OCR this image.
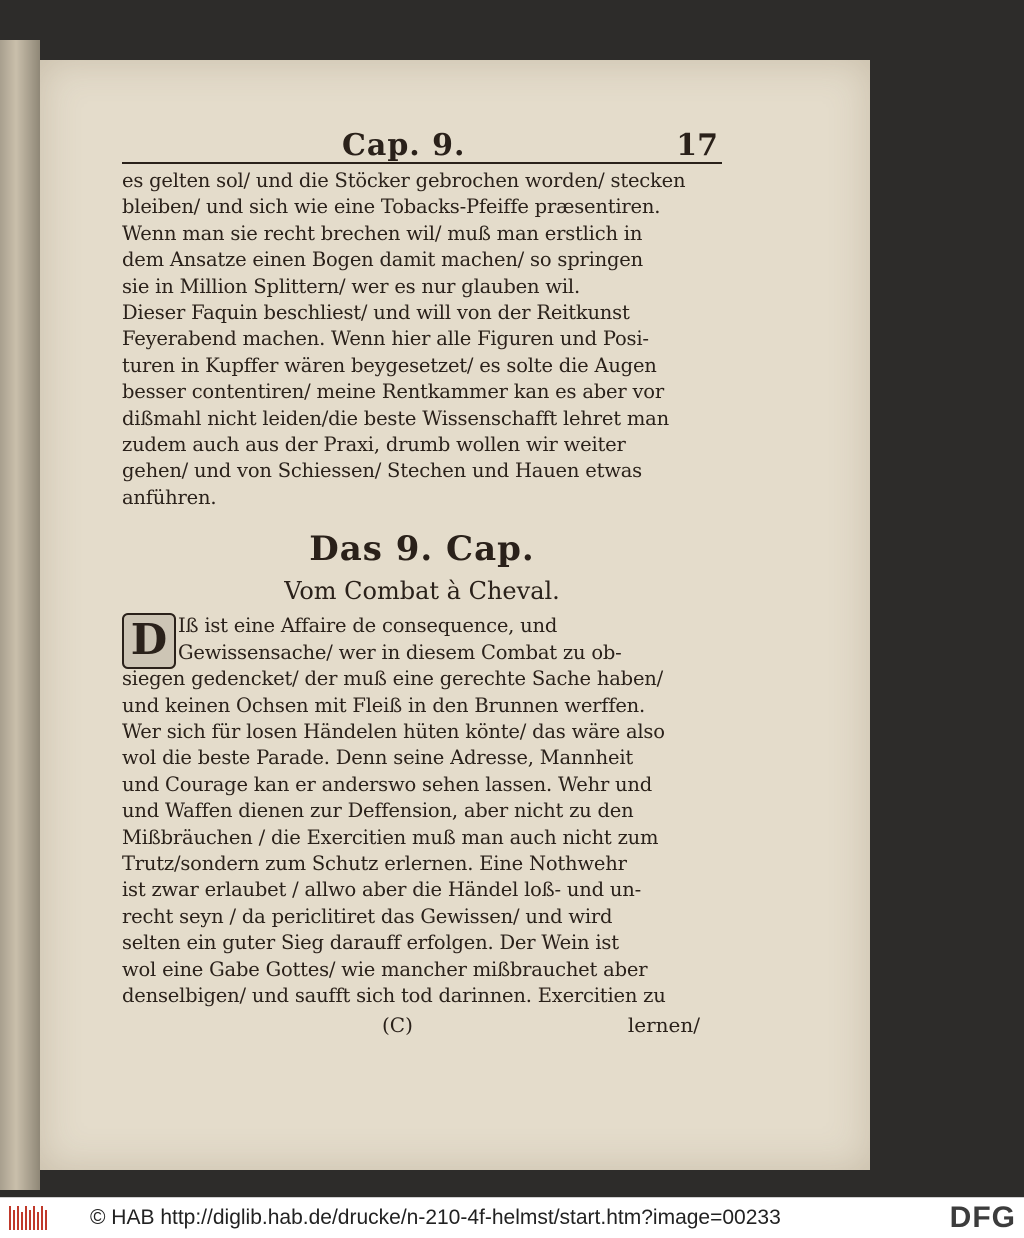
Cap. 9.	17
es gelten sol/ und die Stöcker gebrochen worden/ stecken
bleiben/ und sich wie eine Tobacks-Pfeiffe præsentiren.
Wenn man sie recht brechen wil/ muß man erstlich in
dem Ansatze einen Bogen damit machen/ so springen
sie in Million Splittern/ wer es nur glauben wil.
Dieser Faquin beschliest/ und will von der Reitkunst
Feyerabend machen. Wenn hier alle Figuren und Posi-
turen in Kupffer wären beygesetzet/ es solte die Augen
besser contentiren/ meine Rentkammer kan es aber vor
dißmahl nicht leiden/die beste Wissenschafft lehret man
zudem auch aus der Praxi, drumb wollen wir weiter
gehen/ und von Schiessen/ Stechen und Hauen etwas
anführen.
Das 9. Cap.
Vom Combat à Cheval.
D Iß ist eine Affaire de consequence, und
Gewissensache/ wer in diesem Combat zu ob-
siegen gedencket/ der muß eine gerechte Sache haben/
und keinen Ochsen mit Fleiß in den Brunnen werffen.
Wer sich für losen Händelen hüten könte/ das wäre also
wol die beste Parade. Denn seine Adresse, Mannheit
und Courage kan er anderswo sehen lassen. Wehr und
und Waffen dienen zur Deffension, aber nicht zu den
Mißbräuchen / die Exercitien muß man auch nicht zum
Trutz/sondern zum Schutz erlernen. Eine Nothwehr
ist zwar erlaubet / allwo aber die Händel loß- und un-
recht seyn / da periclitiret das Gewissen/ und wird
selten ein guter Sieg darauff erfolgen. Der Wein ist
wol eine Gabe Gottes/ wie mancher mißbrauchet aber
denselbigen/ und saufft sich tod darinnen. Exercitien zu
(C)	lernen/
© HAB http://diglib.hab.de/drucke/n-210-4f-helmst/start.htm?image=00233	DFG
